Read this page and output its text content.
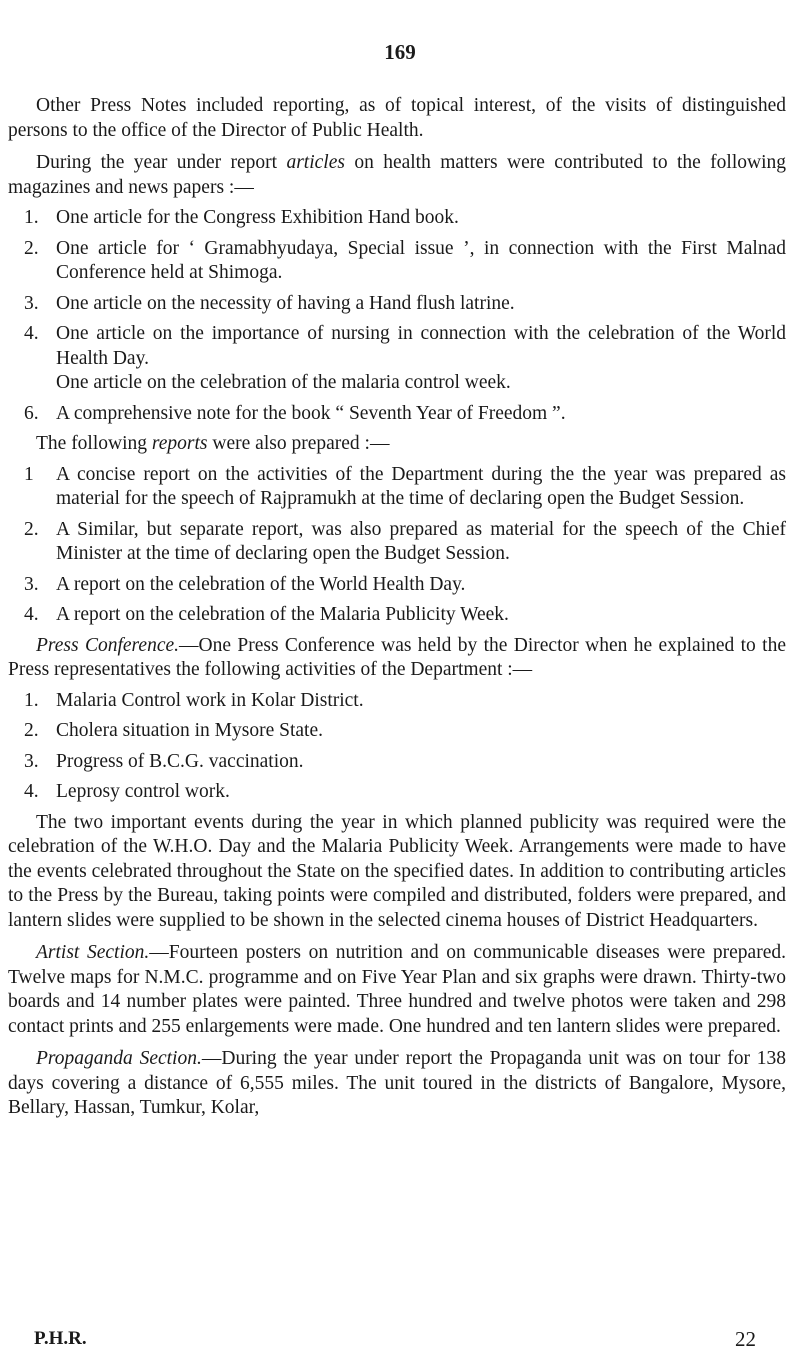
169

Other Press Notes included reporting, as of topical interest, of the visits of distinguished persons to the office of the Director of Public Health.

During the year under report articles on health matters were contributed to the following magazines and news papers :—

1. One article for the Congress Exhibition Hand book.
2. One article for ‘ Gramabhyudaya, Special issue ’, in connection with the First Malnad Conference held at Shimoga.
3. One article on the necessity of having a Hand flush latrine.
4. One article on the importance of nursing in connection with the celebration of the World Health Day.
One article on the celebration of the malaria control week.
6. A comprehensive note for the book “ Seventh Year of Freedom ”.

The following reports were also prepared :—

1 A concise report on the activities of the Department during the the year was prepared as material for the speech of Rajpramukh at the time of declaring open the Budget Session.
2. A Similar, but separate report, was also prepared as material for the speech of the Chief Minister at the time of declaring open the Budget Session.
3. A report on the celebration of the World Health Day.
4. A report on the celebration of the Malaria Publicity Week.

Press Conference.—One Press Conference was held by the Director when he explained to the Press representatives the following activities of the Department :—

1. Malaria Control work in Kolar District.
2. Cholera situation in Mysore State.
3. Progress of B.C.G. vaccination.
4. Leprosy control work.

The two important events during the year in which planned publicity was required were the celebration of the W.H.O. Day and the Malaria Publicity Week. Arrangements were made to have the events celebrated throughout the State on the specified dates. In addition to contributing articles to the Press by the Bureau, taking points were compiled and distributed, folders were prepared, and lantern slides were supplied to be shown in the selected cinema houses of District Headquarters.

Artist Section.—Fourteen posters on nutrition and on communicable diseases were prepared. Twelve maps for N.M.C. programme and on Five Year Plan and six graphs were drawn. Thirty-two boards and 14 number plates were painted. Three hundred and twelve photos were taken and 298 contact prints and 255 enlargements were made. One hundred and ten lantern slides were prepared.

Propaganda Section.—During the year under report the Propaganda unit was on tour for 138 days covering a distance of 6,555 miles. The unit toured in the districts of Bangalore, Mysore, Bellary, Hassan, Tumkur, Kolar,

P.H.R.	22
